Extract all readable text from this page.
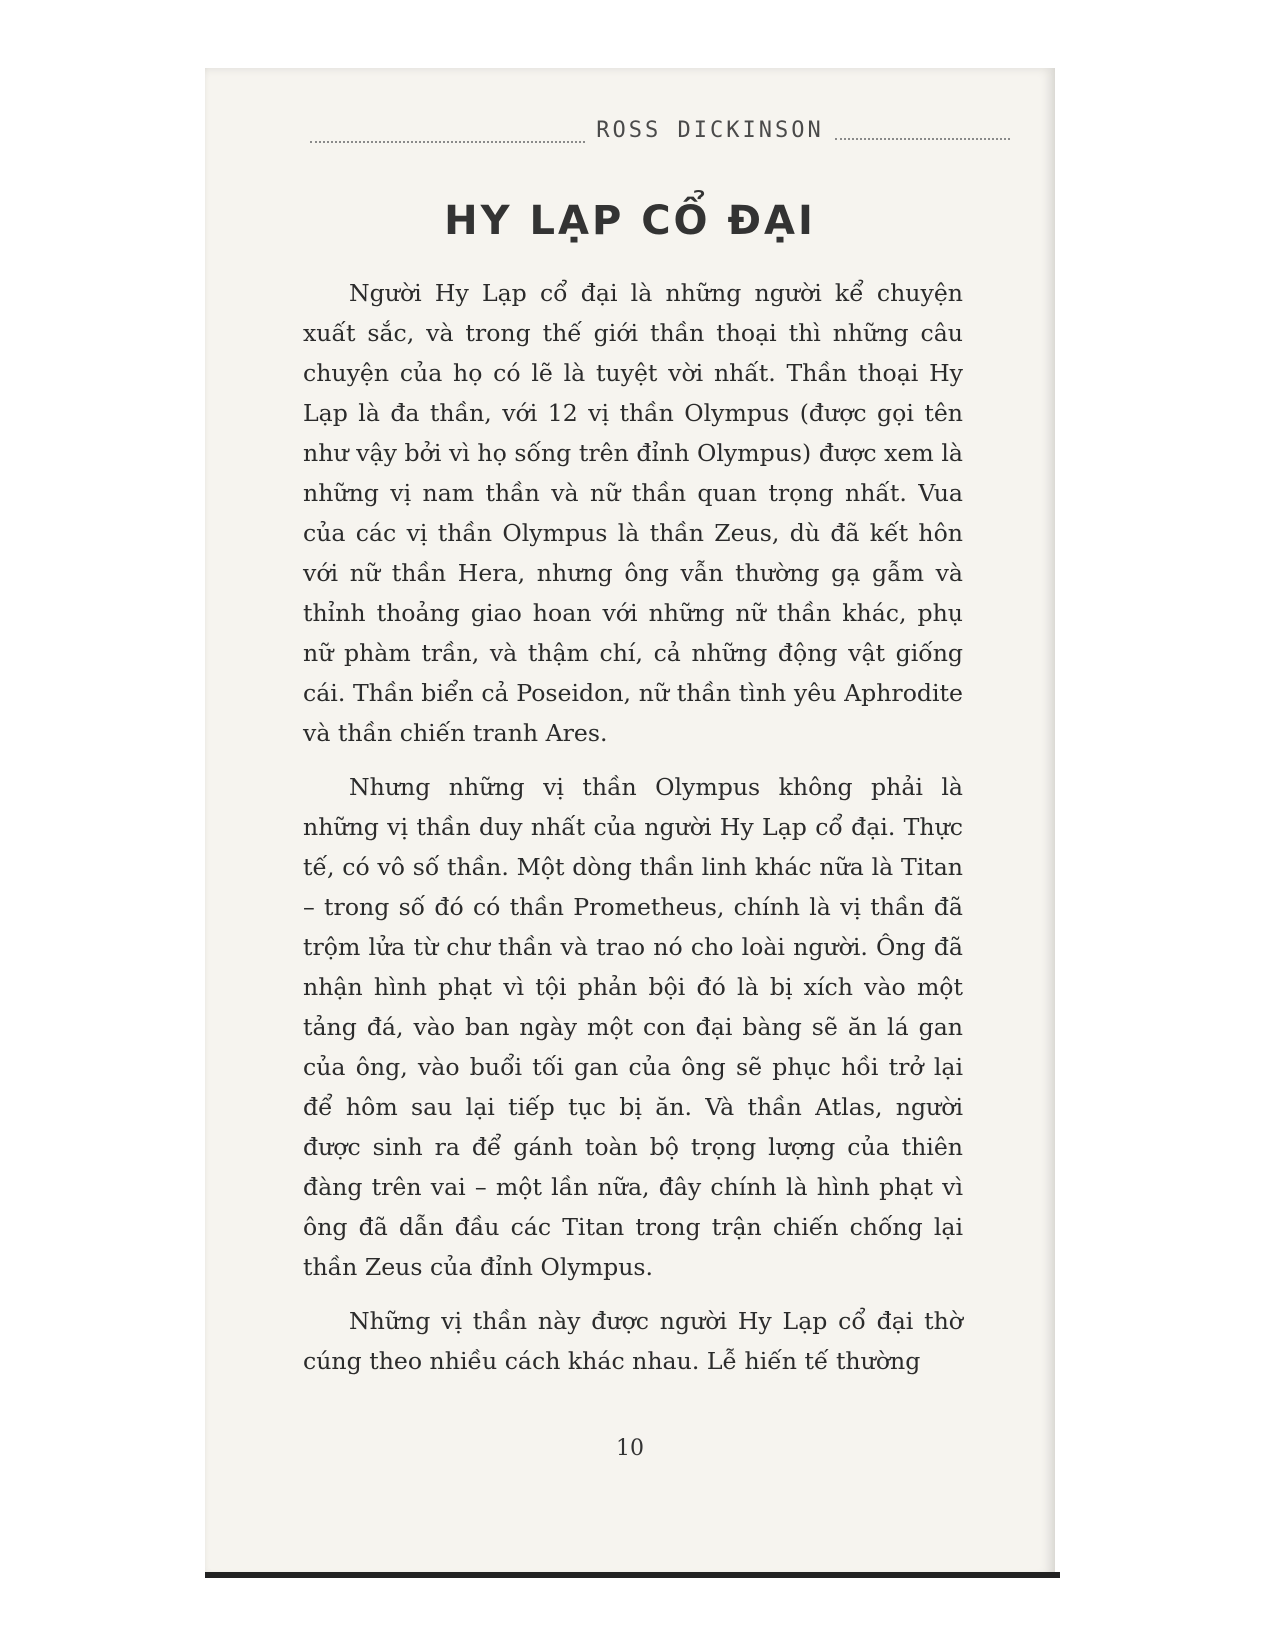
ROSS DICKINSON
HY LẠP CỔ ĐẠI

Người Hy Lạp cổ đại là những người kể chuyện xuất sắc, và trong thế giới thần thoại thì những câu chuyện của họ có lẽ là tuyệt vời nhất. Thần thoại Hy Lạp là đa thần, với 12 vị thần Olympus (được gọi tên như vậy bởi vì họ sống trên đỉnh Olympus) được xem là những vị nam thần và nữ thần quan trọng nhất. Vua của các vị thần Olympus là thần Zeus, dù đã kết hôn với nữ thần Hera, nhưng ông vẫn thường gạ gẫm và thỉnh thoảng giao hoan với những nữ thần khác, phụ nữ phàm trần, và thậm chí, cả những động vật giống cái. Thần biển cả Poseidon, nữ thần tình yêu Aphrodite và thần chiến tranh Ares.

Nhưng những vị thần Olympus không phải là những vị thần duy nhất của người Hy Lạp cổ đại. Thực tế, có vô số thần. Một dòng thần linh khác nữa là Titan – trong số đó có thần Prometheus, chính là vị thần đã trộm lửa từ chư thần và trao nó cho loài người. Ông đã nhận hình phạt vì tội phản bội đó là bị xích vào một tảng đá, vào ban ngày một con đại bàng sẽ ăn lá gan của ông, vào buổi tối gan của ông sẽ phục hồi trở lại để hôm sau lại tiếp tục bị ăn. Và thần Atlas, người được sinh ra để gánh toàn bộ trọng lượng của thiên đàng trên vai – một lần nữa, đây chính là hình phạt vì ông đã dẫn đầu các Titan trong trận chiến chống lại thần Zeus của đỉnh Olympus.

Những vị thần này được người Hy Lạp cổ đại thờ cúng theo nhiều cách khác nhau. Lễ hiến tế thường

10
